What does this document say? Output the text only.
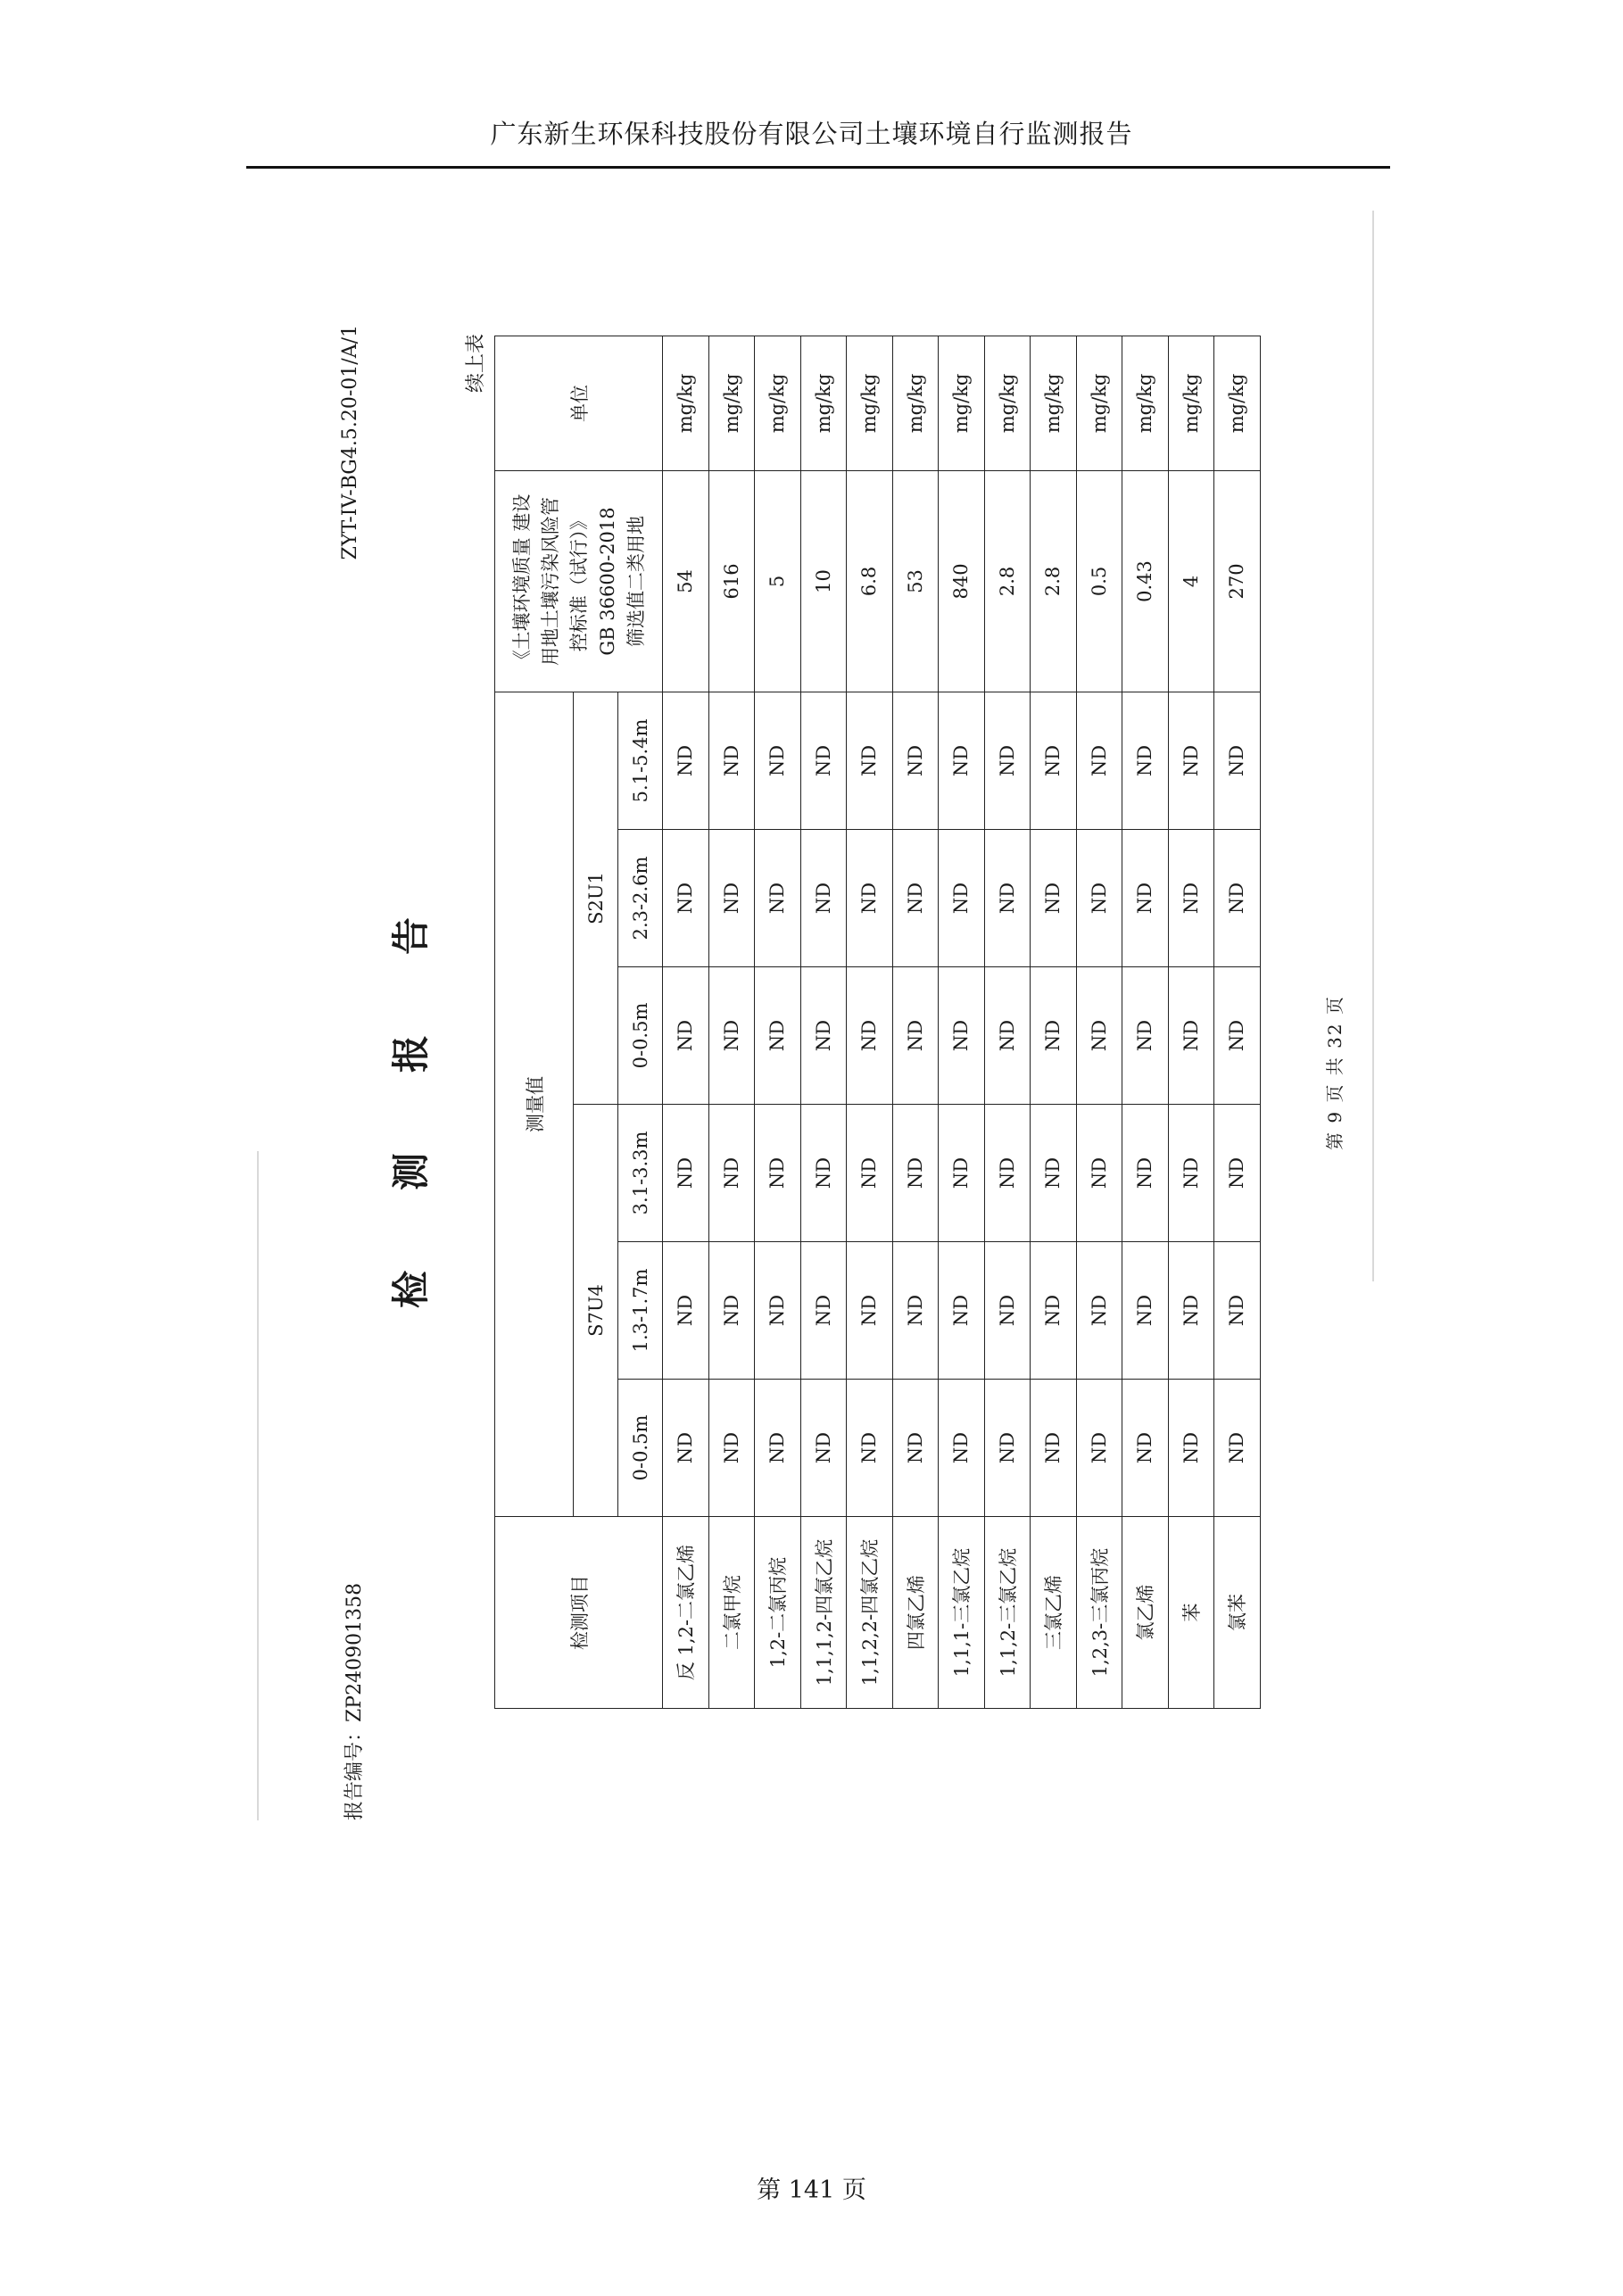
广东新生环保科技股份有限公司土壤环境自行监测报告
报告编号：ZP240901358
ZYT-IV-BG4.5.20-01/A/1
检测报告
续上表
检测项目	测量值						《土壤环境质量 建设 用地土壤污染风险管 控标准（试行）》 GB 36600-2018 筛选值二类用地	单位
	S7U4			S2U1				
	0-0.5m	1.3-1.7m	3.1-3.3m	0-0.5m	2.3-2.6m	5.1-5.4m		
反 1,2-二氯乙烯	ND	ND	ND	ND	ND	ND	54	mg/kg
二氯甲烷	ND	ND	ND	ND	ND	ND	616	mg/kg
1,2-二氯丙烷	ND	ND	ND	ND	ND	ND	5	mg/kg
1,1,1,2-四氯乙烷	ND	ND	ND	ND	ND	ND	10	mg/kg
1,1,2,2-四氯乙烷	ND	ND	ND	ND	ND	ND	6.8	mg/kg
四氯乙烯	ND	ND	ND	ND	ND	ND	53	mg/kg
1,1,1-三氯乙烷	ND	ND	ND	ND	ND	ND	840	mg/kg
1,1,2-三氯乙烷	ND	ND	ND	ND	ND	ND	2.8	mg/kg
三氯乙烯	ND	ND	ND	ND	ND	ND	2.8	mg/kg
1,2,3-三氯丙烷	ND	ND	ND	ND	ND	ND	0.5	mg/kg
氯乙烯	ND	ND	ND	ND	ND	ND	0.43	mg/kg
苯	ND	ND	ND	ND	ND	ND	4	mg/kg
氯苯	ND	ND	ND	ND	ND	ND	270	mg/kg
第 9 页 共 32 页
第 141 页
